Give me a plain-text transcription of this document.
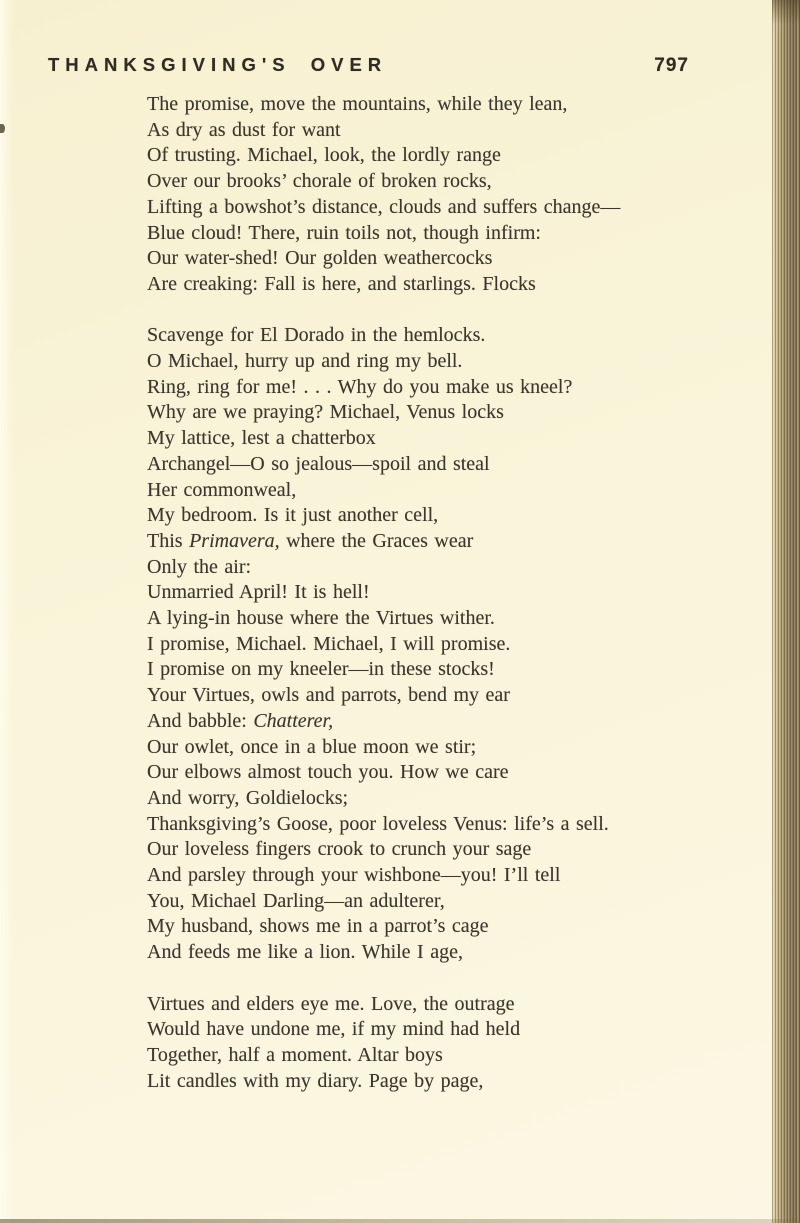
THANKSGIVING'S OVER	797
The promise, move the mountains, while they lean,
As dry as dust for want
Of trusting. Michael, look, the lordly range
Over our brooks’ chorale of broken rocks,
Lifting a bowshot’s distance, clouds and suffers change—
Blue cloud! There, ruin toils not, though infirm:
Our water-shed! Our golden weathercocks
Are creaking: Fall is here, and starlings. Flocks
Scavenge for El Dorado in the hemlocks.
O Michael, hurry up and ring my bell.
Ring, ring for me! . . . Why do you make us kneel?
Why are we praying? Michael, Venus locks
My lattice, lest a chatterbox
Archangel—O so jealous—spoil and steal
Her commonweal,
My bedroom. Is it just another cell,
This Primavera, where the Graces wear
Only the air:
Unmarried April! It is hell!
A lying-in house where the Virtues wither.
I promise, Michael. Michael, I will promise.
I promise on my kneeler—in these stocks!
Your Virtues, owls and parrots, bend my ear
And babble: Chatterer,
Our owlet, once in a blue moon we stir;
Our elbows almost touch you. How we care
And worry, Goldielocks;
Thanksgiving’s Goose, poor loveless Venus: life’s a sell.
Our loveless fingers crook to crunch your sage
And parsley through your wishbone—you! I’ll tell
You, Michael Darling—an adulterer,
My husband, shows me in a parrot’s cage
And feeds me like a lion. While I age,
Virtues and elders eye me. Love, the outrage
Would have undone me, if my mind had held
Together, half a moment. Altar boys
Lit candles with my diary. Page by page,
